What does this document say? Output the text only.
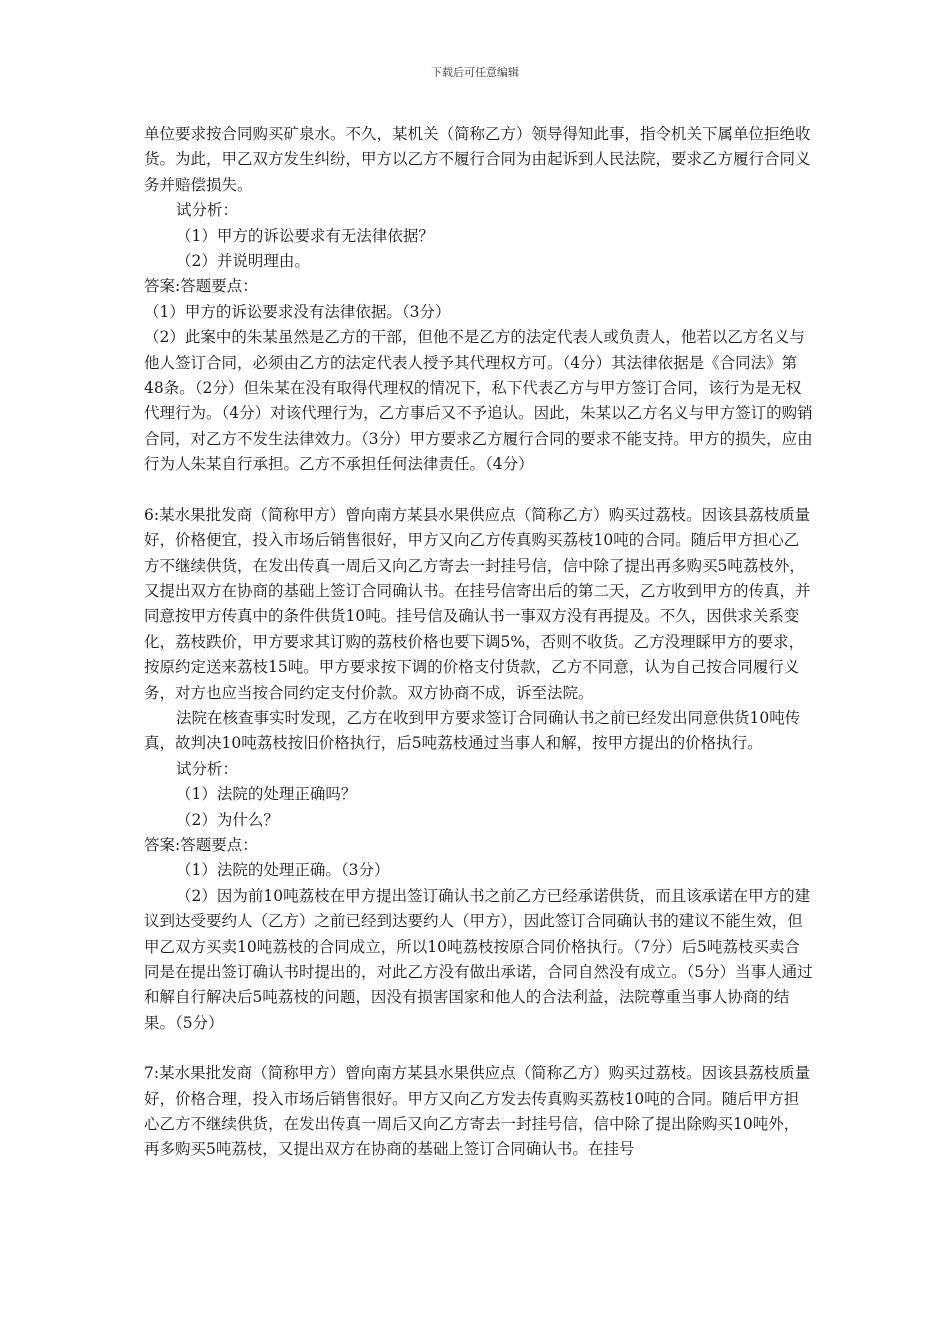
下载后可任意编辑

单位要求按合同购买矿泉水。不久，某机关（简称乙方）领导得知此事，指令机关下属单位拒绝收货。为此，甲乙双方发生纠纷，甲方以乙方不履行合同为由起诉到人民法院，要求乙方履行合同义务并赔偿损失。

试分析：

（1）甲方的诉讼要求有无法律依据？

（2）并说明理由。

答案:答题要点：

（1）甲方的诉讼要求没有法律依据。（3分）

（2）此案中的朱某虽然是乙方的干部，但他不是乙方的法定代表人或负责人，他若以乙方名义与他人签订合同，必须由乙方的法定代表人授予其代理权方可。（4分）其法律依据是《合同法》第48条。（2分）但朱某在没有取得代理权的情况下，私下代表乙方与甲方签订合同，该行为是无权代理行为。（4分）对该代理行为，乙方事后又不予追认。因此，朱某以乙方名义与甲方签订的购销合同，对乙方不发生法律效力。（3分）甲方要求乙方履行合同的要求不能支持。甲方的损失，应由行为人朱某自行承担。乙方不承担任何法律责任。（4分）

6:某水果批发商（简称甲方）曾向南方某县水果供应点（简称乙方）购买过荔枝。因该县荔枝质量好，价格便宜，投入市场后销售很好，甲方又向乙方传真购买荔枝10吨的合同。随后甲方担心乙方不继续供货，在发出传真一周后又向乙方寄去一封挂号信，信中除了提出再多购买5吨荔枝外，又提出双方在协商的基础上签订合同确认书。在挂号信寄出后的第二天，乙方收到甲方的传真，并同意按甲方传真中的条件供货10吨。挂号信及确认书一事双方没有再提及。不久，因供求关系变化，荔枝跌价，甲方要求其订购的荔枝价格也要下调5%，否则不收货。乙方没理睬甲方的要求，按原约定送来荔枝15吨。甲方要求按下调的价格支付货款，乙方不同意，认为自己按合同履行义务，对方也应当按合同约定支付价款。双方协商不成，诉至法院。

法院在核查事实时发现，乙方在收到甲方要求签订合同确认书之前已经发出同意供货10吨传真，故判决10吨荔枝按旧价格执行，后5吨荔枝通过当事人和解，按甲方提出的价格执行。

试分析：

（1）法院的处理正确吗？

（2）为什么？

答案:答题要点：

（1）法院的处理正确。（3分）

（2）因为前10吨荔枝在甲方提出签订确认书之前乙方已经承诺供货，而且该承诺在甲方的建议到达受要约人（乙方）之前已经到达要约人（甲方），因此签订合同确认书的建议不能生效，但甲乙双方买卖10吨荔枝的合同成立，所以10吨荔枝按原合同价格执行。（7分）后5吨荔枝买卖合同是在提出签订确认书时提出的，对此乙方没有做出承诺，合同自然没有成立。（5分）当事人通过和解自行解决后5吨荔枝的问题，因没有损害国家和他人的合法利益，法院尊重当事人协商的结果。（5分）

7:某水果批发商（简称甲方）曾向南方某县水果供应点（简称乙方）购买过荔枝。因该县荔枝质量好，价格合理，投入市场后销售很好。甲方又向乙方发去传真购买荔枝10吨的合同。随后甲方担心乙方不继续供货，在发出传真一周后又向乙方寄去一封挂号信，信中除了提出除购买10吨外，再多购买5吨荔枝，又提出双方在协商的基础上签订合同确认书。在挂号
